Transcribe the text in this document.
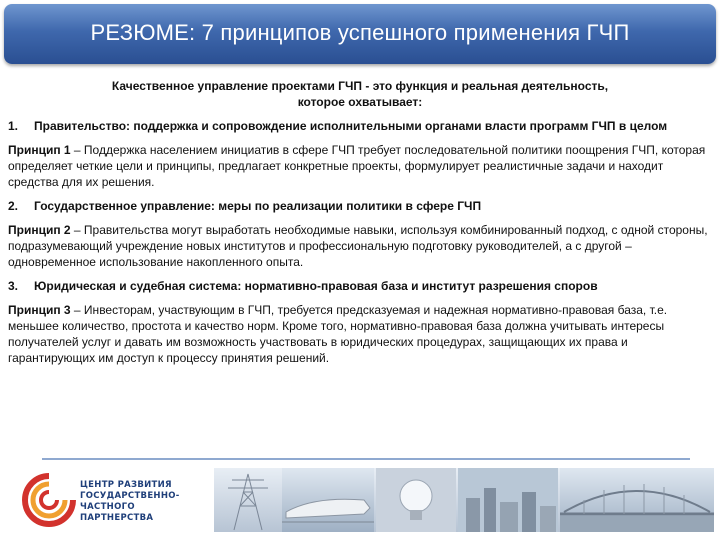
РЕЗЮМЕ: 7 принципов успешного применения ГЧП
Качественное управление проектами ГЧП - это функция и реальная деятельность,
которое охватывает:
1. Правительство: поддержка и сопровождение исполнительными органами власти программ ГЧП в целом
Принцип 1 – Поддержка населением инициатив в сфере ГЧП требует последовательной политики поощрения ГЧП, которая определяет четкие цели и принципы, предлагает конкретные проекты, формулирует реалистичные задачи и находит средства для их решения.
2. Государственное управление: меры по реализации политики в сфере ГЧП
Принцип 2 – Правительства могут выработать необходимые навыки, используя комбинированный подход, с одной стороны, подразумевающий учреждение новых институтов и профессиональную подготовку руководителей, а с другой – одновременное использование накопленного опыта.
3. Юридическая и судебная система: нормативно-правовая база и институт разрешения споров
Принцип 3 – Инвесторам, участвующим в ГЧП, требуется предсказуемая и надежная нормативно-правовая база, т.е. меньшее количество, простота и качество норм. Кроме того, нормативно-правовая база должна учитывать интересы получателей услуг и давать им возможность участвовать в юридических процедурах, защищающих их права и гарантирующих им доступ к процессу принятия решений.
ЦЕНТР РАЗВИТИЯ
ГОСУДАРСТВЕННО-ЧАСТНОГО
ПАРТНЕРСТВА
